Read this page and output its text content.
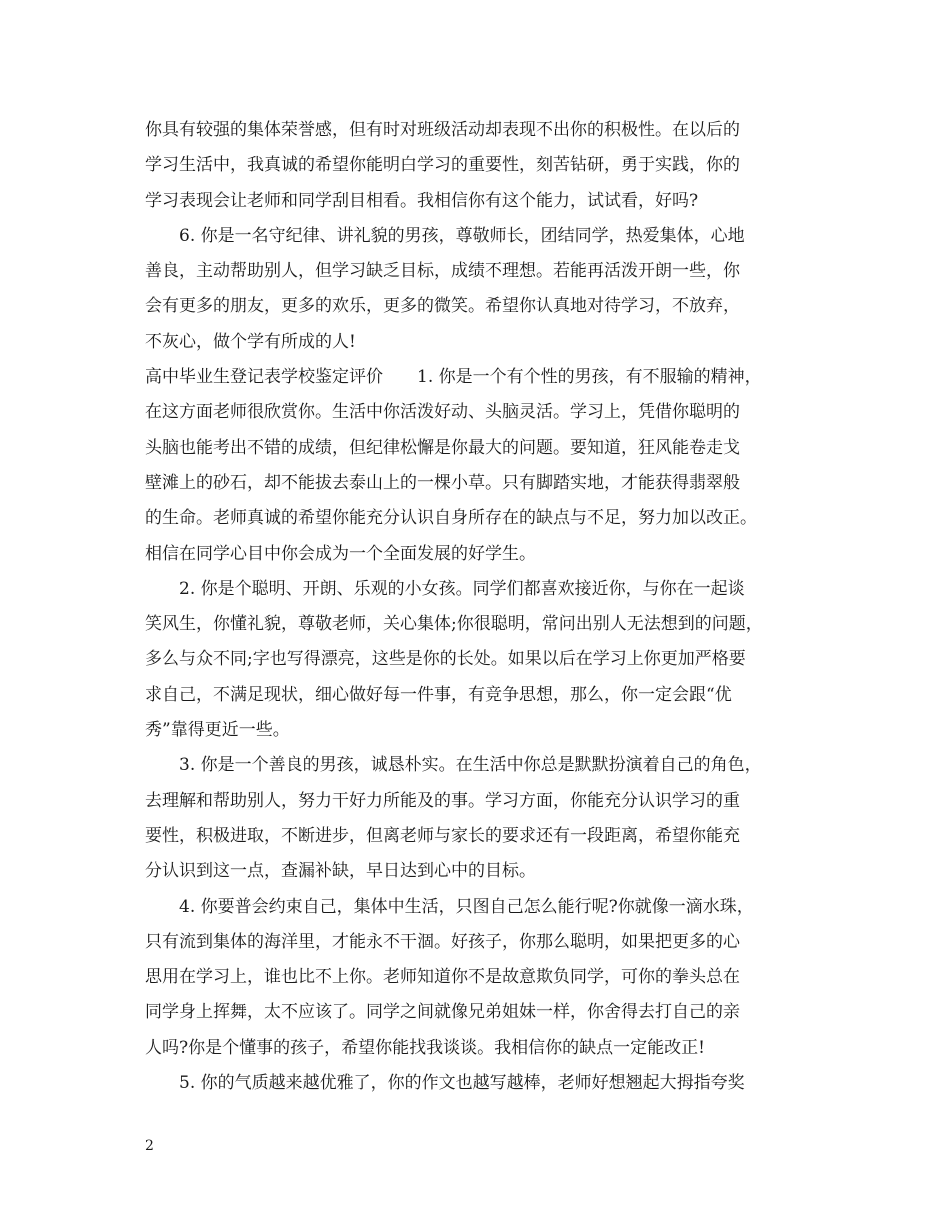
你具有较强的集体荣誉感，但有时对班级活动却表现不出你的积极性。在以后的
学习生活中，我真诚的希望你能明白学习的重要性，刻苦钻研，勇于实践，你的
学习表现会让老师和同学刮目相看。我相信你有这个能力，试试看，好吗?
6. 你是一名守纪律、讲礼貌的男孩，尊敬师长，团结同学，热爱集体，心地
善良，主动帮助别人，但学习缺乏目标，成绩不理想。若能再活泼开朗一些，你
会有更多的朋友，更多的欢乐，更多的微笑。希望你认真地对待学习，不放弃，
不灰心，做个学有所成的人!
高中毕业生登记表学校鉴定评价　　1. 你是一个有个性的男孩，有不服输的精神，
在这方面老师很欣赏你。生活中你活泼好动、头脑灵活。学习上，凭借你聪明的
头脑也能考出不错的成绩，但纪律松懈是你最大的问题。要知道，狂风能卷走戈
壁滩上的砂石，却不能拔去泰山上的一棵小草。只有脚踏实地，才能获得翡翠般
的生命。老师真诚的希望你能充分认识自身所存在的缺点与不足，努力加以改正。
相信在同学心目中你会成为一个全面发展的好学生。
2. 你是个聪明、开朗、乐观的小女孩。同学们都喜欢接近你，与你在一起谈
笑风生，你懂礼貌，尊敬老师，关心集体;你很聪明，常问出别人无法想到的问题，
多么与众不同;字也写得漂亮，这些是你的长处。如果以后在学习上你更加严格要
求自己，不满足现状，细心做好每一件事，有竞争思想，那么，你一定会跟“优
秀”靠得更近一些。
3. 你是一个善良的男孩，诚恳朴实。在生活中你总是默默扮演着自己的角色，
去理解和帮助别人，努力干好力所能及的事。学习方面，你能充分认识学习的重
要性，积极进取，不断进步，但离老师与家长的要求还有一段距离，希望你能充
分认识到这一点，查漏补缺，早日达到心中的目标。
4. 你要普会约束自己，集体中生活，只图自己怎么能行呢?你就像一滴水珠，
只有流到集体的海洋里，才能永不干涸。好孩子，你那么聪明，如果把更多的心
思用在学习上，谁也比不上你。老师知道你不是故意欺负同学，可你的拳头总在
同学身上挥舞，太不应该了。同学之间就像兄弟姐妹一样，你舍得去打自己的亲
人吗?你是个懂事的孩子，希望你能找我谈谈。我相信你的缺点一定能改正!
5. 你的气质越来越优雅了，你的作文也越写越棒，老师好想翘起大拇指夸奖
2
